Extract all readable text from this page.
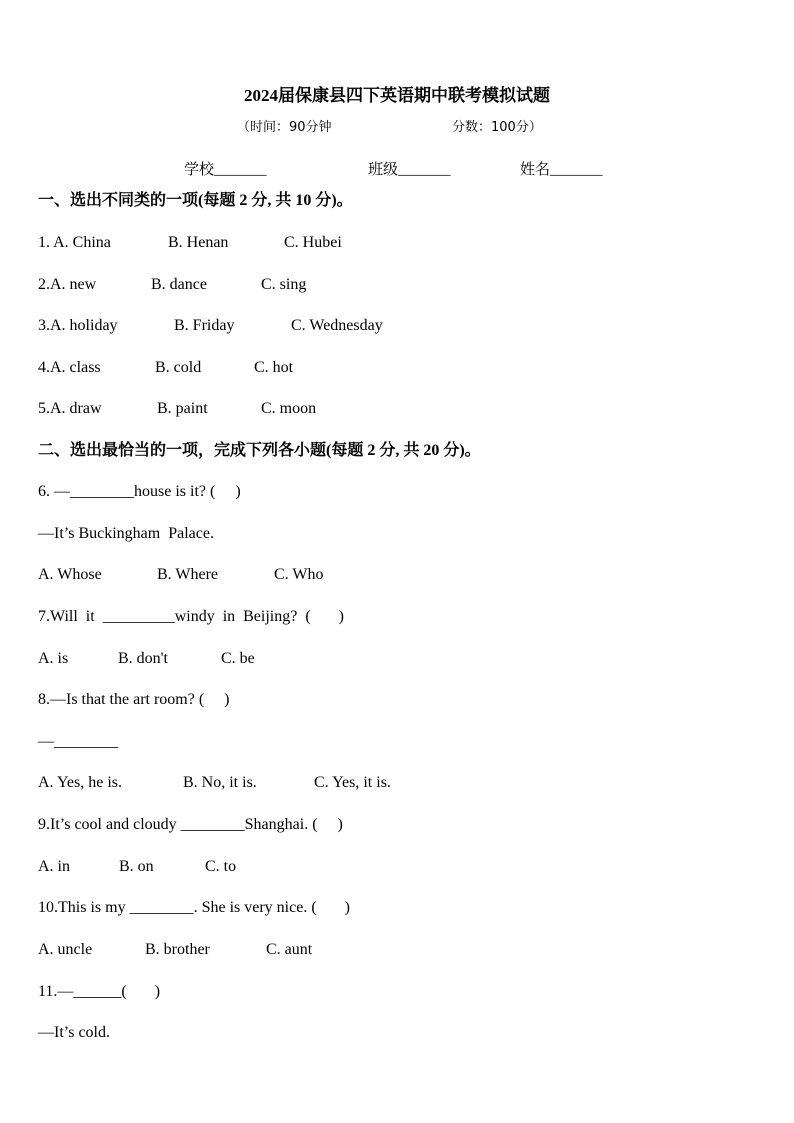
2024届保康县四下英语期中联考模拟试题
（时间：90分钟	分数：100分）
学校_______	班级_______	姓名_______
一、选出不同类的一项(每题 2 分, 共 10 分)。
1. A. China	B. Henan	C. Hubei
2.A. new	B. dance	C. sing
3.A. holiday	B. Friday	C. Wednesday
4.A. class	B. cold	C. hot
5.A. draw	B. paint	C. moon
二、选出最恰当的一项，完成下列各小题(每题 2 分, 共 20 分)。
6. —________house is it? (     )
—It’s Buckingham  Palace.
A. Whose	B. Where	C. Who
7.Will  it  _________windy  in  Beijing?  (       )
A. is	B. don't	C. be
8.—Is that the art room? (     )
—________
A. Yes, he is.	B. No, it is.	C. Yes, it is.
9.It’s cool and cloudy ________Shanghai. (     )
A. in	B. on	C. to
10.This is my ________. She is very nice. (       )
A. uncle	B. brother	C. aunt
11.—______(       )
—It’s cold.
